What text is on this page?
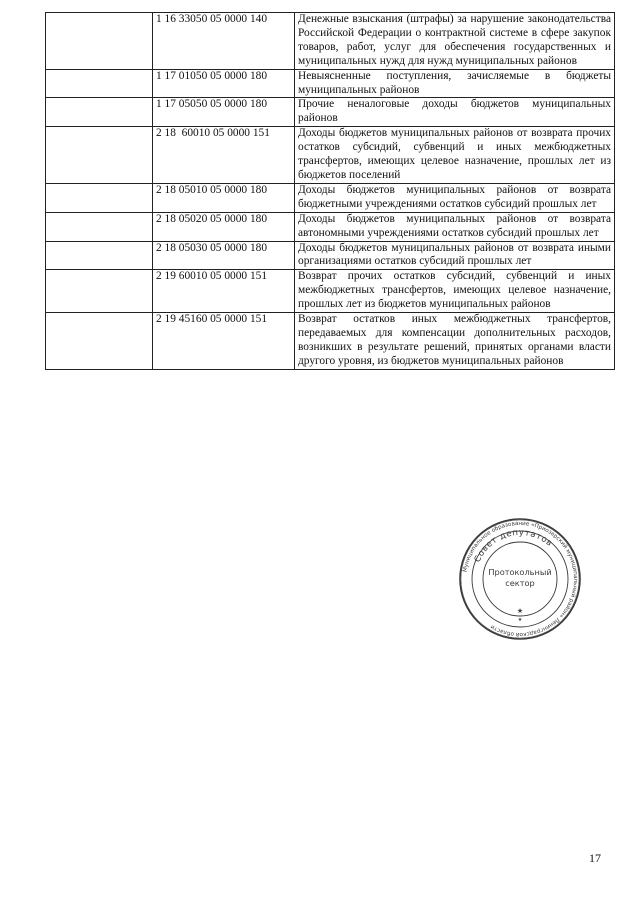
	1 16 33050 05 0000 140	Денежные взыскания (штрафы) за нарушение законодательства Российской Федерации о контрактной системе в сфере закупок товаров, работ, услуг для обеспечения государственных и муниципальных нужд для нужд муниципальных районов
	1 17 01050 05 0000 180	Невыясненные поступления, зачисляемые в бюджеты муниципальных районов
	1 17 05050 05 0000 180	Прочие неналоговые доходы бюджетов муниципальных районов
	2 18  60010 05 0000 151	Доходы бюджетов муниципальных районов от возврата прочих остатков субсидий, субвенций и иных межбюджетных трансфертов, имеющих целевое назначение, прошлых лет из бюджетов поселений
	2 18 05010 05 0000 180	Доходы бюджетов муниципальных районов от возврата бюджетными учреждениями остатков субсидий прошлых лет
	2 18 05020 05 0000 180	Доходы бюджетов муниципальных районов от возврата автономными учреждениями остатков субсидий прошлых лет
	2 18 05030 05 0000 180	Доходы бюджетов муниципальных районов от возврата иными организациями остатков субсидий прошлых лет
	2 19 60010 05 0000 151	Возврат прочих остатков субсидий, субвенций и иных межбюджетных трансфертов, имеющих целевое назначение, прошлых лет из бюджетов муниципальных районов
	2 19 45160 05 0000 151	Возврат остатков иных межбюджетных трансфертов, передаваемых для компенсации дополнительных расходов, возникших в результате решений, принятых органами власти другого уровня, из бюджетов муниципальных районов
Муниципальное образование «Приозерский муниципальный район» Ленинградской области
Совет депутатов
Протокольный
сектор
★
★
17
